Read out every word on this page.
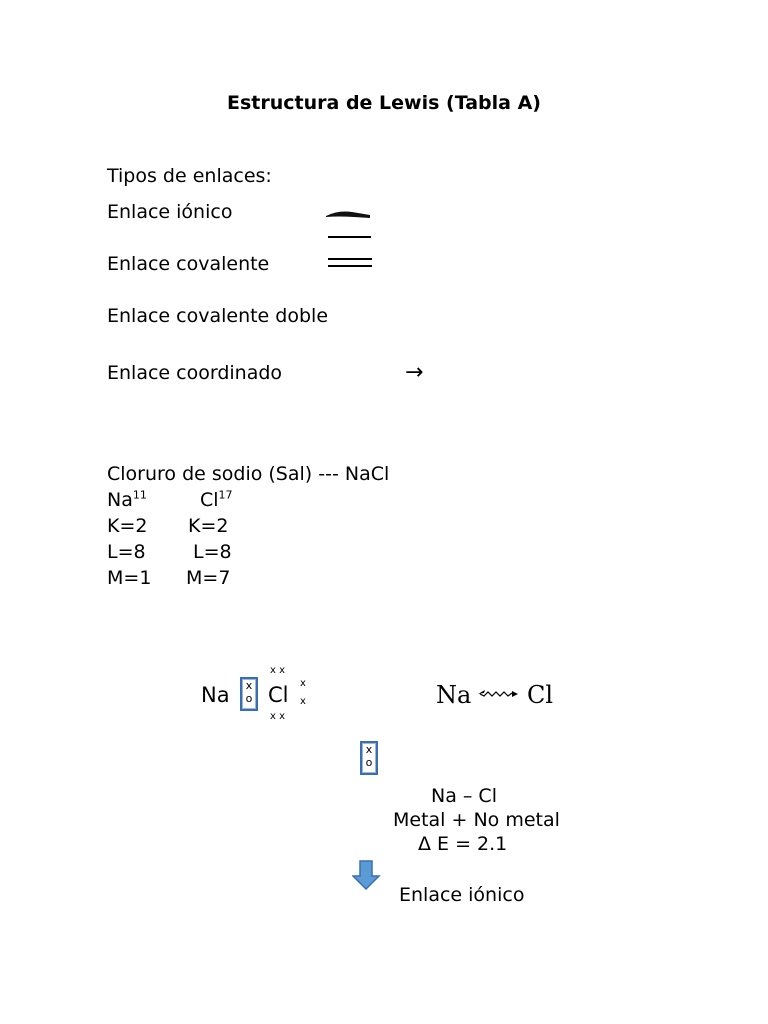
Estructura de Lewis (Tabla A)
Tipos de enlaces:
Enlace iónico
Enlace covalente
Enlace covalente doble
Enlace coordinado	→
Cloruro de sodio (Sal) --- NaCl
Na$^{11}$	Cl$^{17}$
K=2 K=2
L=8 L=8
M=1 M=7
Na	x
o Cl
x x
x x
x
x	Na Cl
x
o
Na – Cl
Metal + No metal
Δ E = 2.1
Enlace iónico
